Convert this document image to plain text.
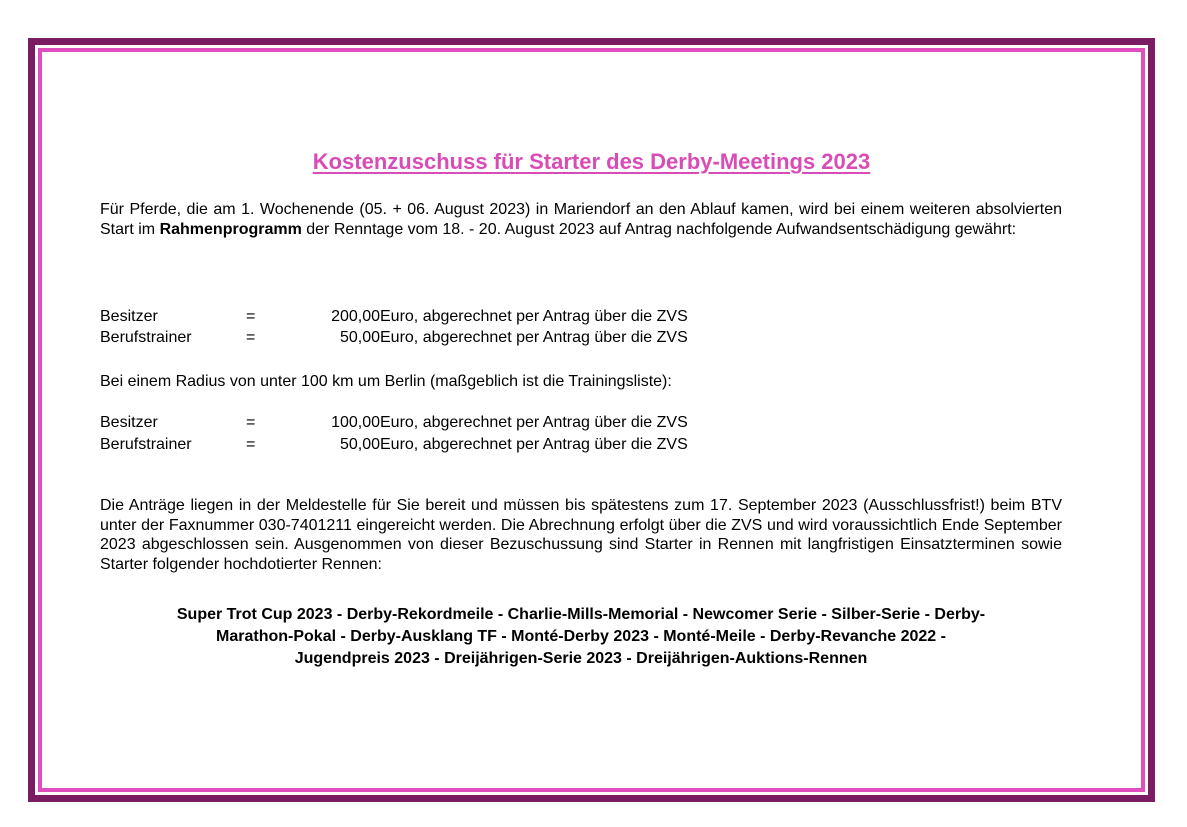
Kostenzuschuss für Starter des Derby-Meetings 2023
Für Pferde, die am 1. Wochenende (05. + 06. August 2023) in Mariendorf an den Ablauf kamen, wird bei einem weiteren absolvierten Start im Rahmenprogramm der Renntage vom 18. - 20. August 2023 auf Antrag nachfolgende Aufwandsentschädigung gewährt:
Besitzer	=	200,00 Euro, abgerechnet per Antrag über die ZVS
Berufstrainer	=	50,00 Euro, abgerechnet per Antrag über die ZVS
Bei einem Radius von unter 100 km um Berlin (maßgeblich ist die Trainingsliste):
Besitzer	=	100,00 Euro, abgerechnet per Antrag über die ZVS
Berufstrainer	=	50,00 Euro, abgerechnet per Antrag über die ZVS
Die Anträge liegen in der Meldestelle für Sie bereit und müssen bis spätestens zum 17. September 2023 (Ausschlussfrist!) beim BTV unter der Faxnummer 030-7401211 eingereicht werden. Die Abrechnung erfolgt über die ZVS und wird voraussichtlich Ende September 2023 abgeschlossen sein. Ausgenommen von dieser Bezuschussung sind Starter in Rennen mit langfristigen Einsatzterminen sowie Starter folgender hochdotierter Rennen:
Super Trot Cup 2023 - Derby-Rekordmeile - Charlie-Mills-Memorial - Newcomer Serie - Silber-Serie - Derby-
Marathon-Pokal - Derby-Ausklang TF - Monté-Derby 2023 - Monté-Meile - Derby-Revanche 2022 -
Jugendpreis 2023 - Dreijährigen-Serie 2023 - Dreijährigen-Auktions-Rennen
